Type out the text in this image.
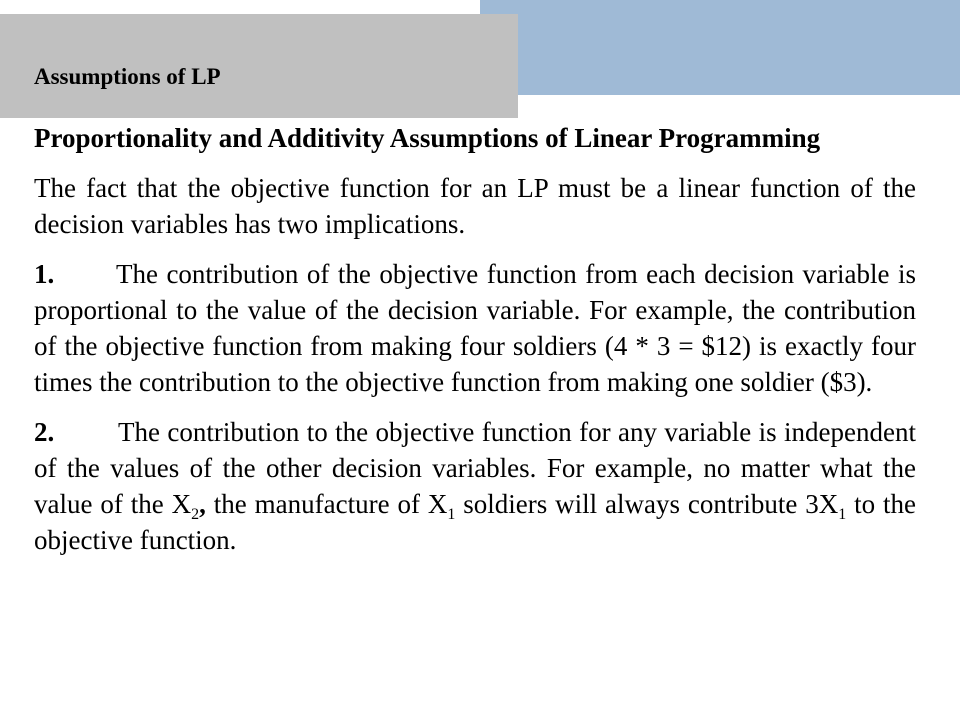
Assumptions of LP

Proportionality and Additivity Assumptions of Linear Programming

The fact that the objective function for an LP must be a linear function of the decision variables has two implications.

1. The contribution of the objective function from each decision variable is proportional to the value of the decision variable. For example, the contribution of the objective function from making four soldiers (4 * 3 = $12) is exactly four times the contribution to the objective function from making one soldier ($3).

2. The contribution to the objective function for any variable is independent of the values of the other decision variables. For example, no matter what the value of the $X_2$, the manufacture of $X_1$ soldiers will always contribute $3X_1$ to the objective function.
